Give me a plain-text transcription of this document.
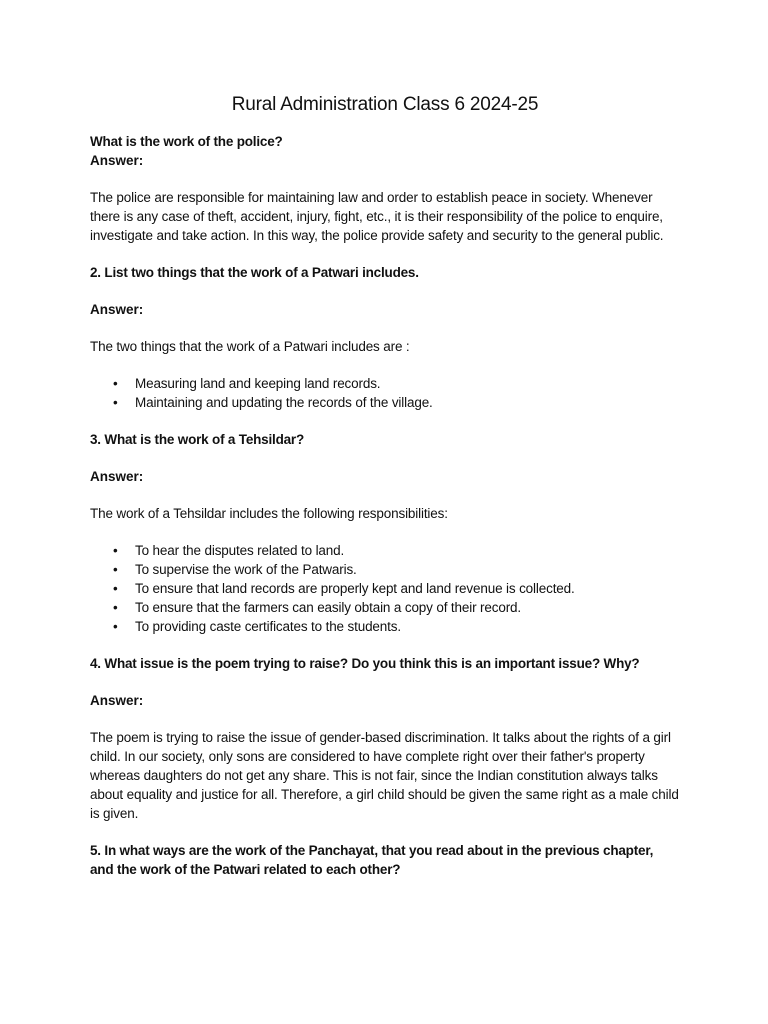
Rural Administration Class 6 2024-25

What is the work of the police?

Answer:

The police are responsible for maintaining law and order to establish peace in society. Whenever there is any case of theft, accident, injury, fight, etc., it is their responsibility of the police to enquire, investigate and take action. In this way, the police provide safety and security to the general public.

2. List two things that the work of a Patwari includes.

Answer:

The two things that the work of a Patwari includes are :

• Measuring land and keeping land records.
• Maintaining and updating the records of the village.

3. What is the work of a Tehsildar?

Answer:

The work of a Tehsildar includes the following responsibilities:

• To hear the disputes related to land.
• To supervise the work of the Patwaris.
• To ensure that land records are properly kept and land revenue is collected.
• To ensure that the farmers can easily obtain a copy of their record.
• To providing caste certificates to the students.

4. What issue is the poem trying to raise? Do you think this is an important issue? Why?

Answer:

The poem is trying to raise the issue of gender-based discrimination. It talks about the rights of a girl child. In our society, only sons are considered to have complete right over their father's property whereas daughters do not get any share. This is not fair, since the Indian constitution always talks about equality and justice for all. Therefore, a girl child should be given the same right as a male child is given.

5. In what ways are the work of the Panchayat, that you read about in the previous chapter, and the work of the Patwari related to each other?
